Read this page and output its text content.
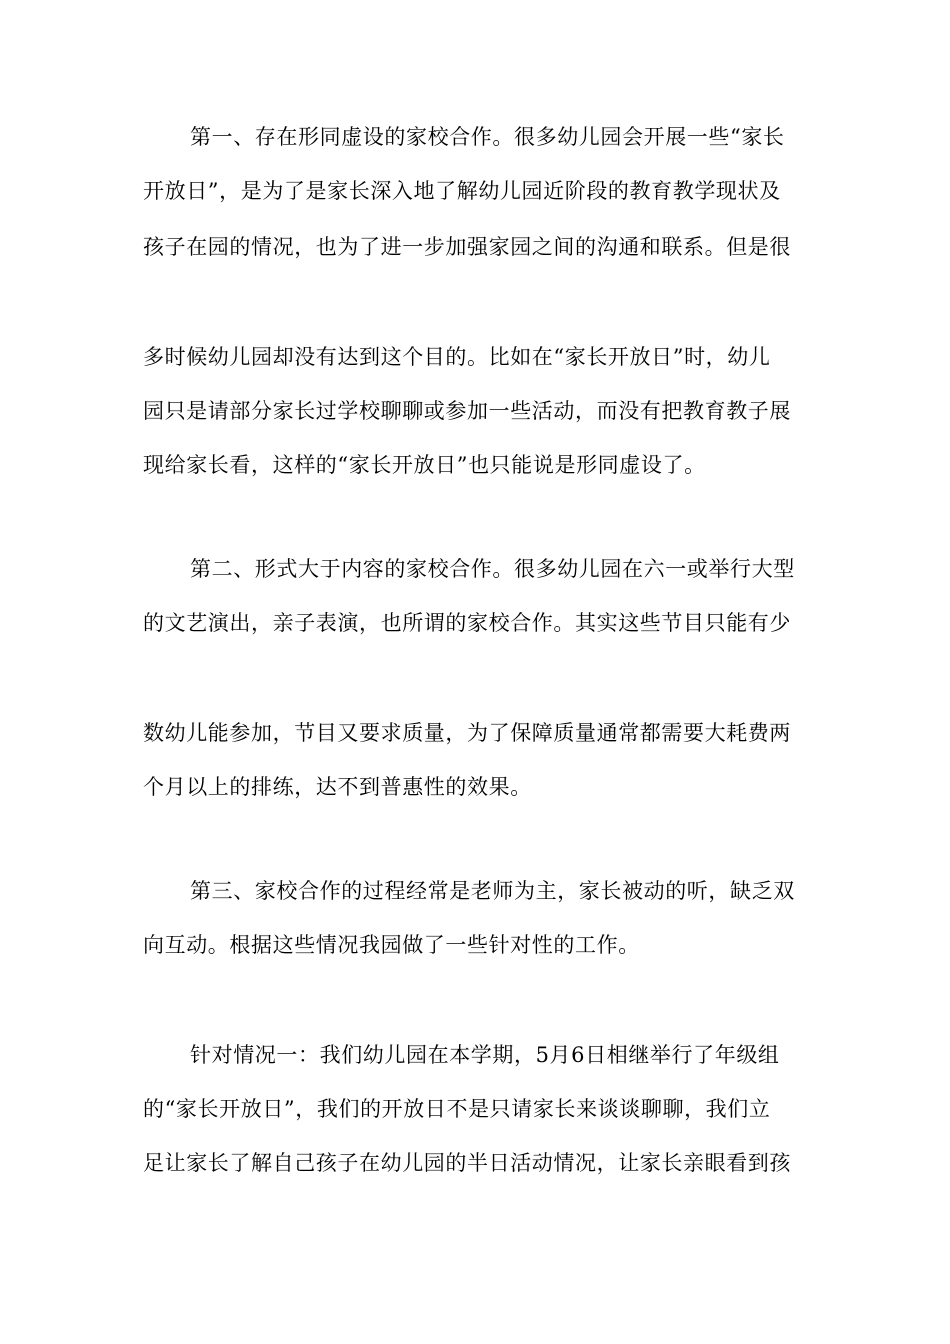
第一、存在形同虚设的家校合作。很多幼儿园会开展一些“家长
开放日”，是为了是家长深入地了解幼儿园近阶段的教育教学现状及
孩子在园的情况，也为了进一步加强家园之间的沟通和联系。但是很
多时候幼儿园却没有达到这个目的。比如在“家长开放日”时，幼儿
园只是请部分家长过学校聊聊或参加一些活动，而没有把教育教子展
现给家长看，这样的“家长开放日”也只能说是形同虚设了。
第二、形式大于内容的家校合作。很多幼儿园在六一或举行大型
的文艺演出，亲子表演，也所谓的家校合作。其实这些节目只能有少
数幼儿能参加，节目又要求质量，为了保障质量通常都需要大耗费两
个月以上的排练，达不到普惠性的效果。
第三、家校合作的过程经常是老师为主，家长被动的听，缺乏双
向互动。根据这些情况我园做了一些针对性的工作。
针对情况一：我们幼儿园在本学期，5月6日相继举行了年级组
的“家长开放日”，我们的开放日不是只请家长来谈谈聊聊，我们立
足让家长了解自己孩子在幼儿园的半日活动情况，让家长亲眼看到孩
